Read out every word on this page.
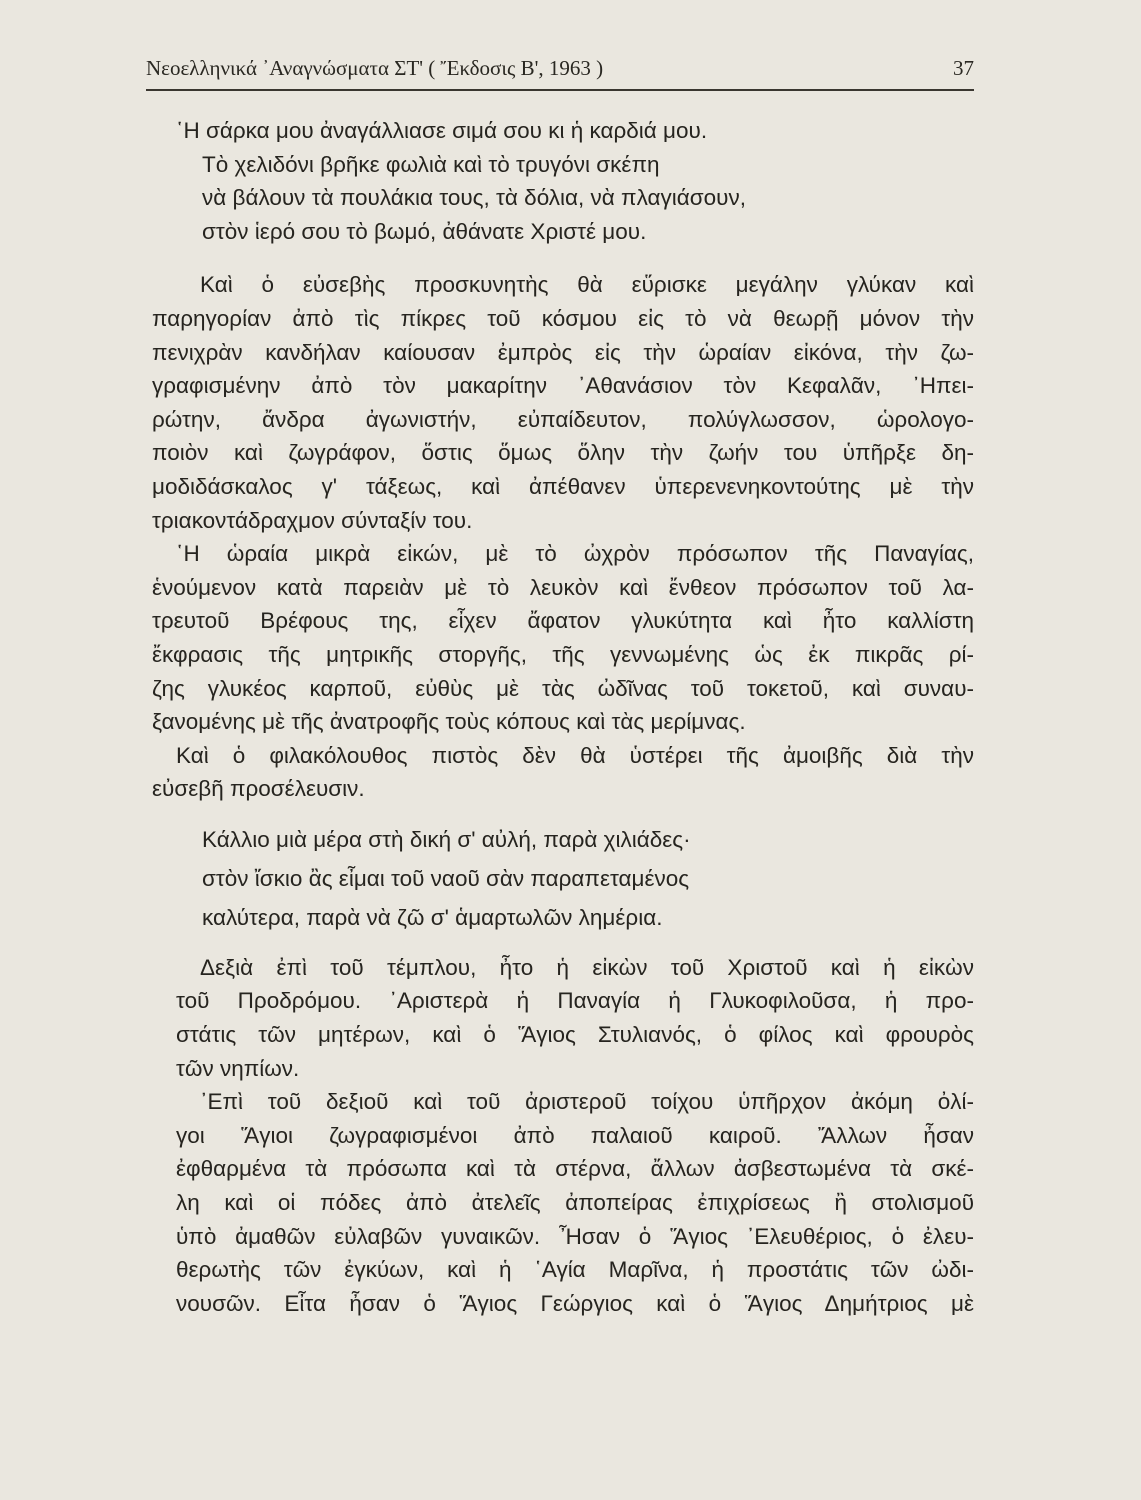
Νεοελληνικά ᾿Αναγνώσματα ΣΤ' ( Ἔκδοσις Β', 1963 )	37
῾Η σάρκα μου ἀναγάλλιασε σιμά σου κι ἡ καρδιά μου.
Τὸ χελιδόνι βρῆκε φωλιὰ καὶ τὸ τρυγόνι σκέπη
νὰ βάλουν τὰ πουλάκια τους, τὰ δόλια, νὰ πλαγιάσουν,
στὸν ἱερό σου τὸ βωμό, ἀθάνατε Χριστέ μου.
Καὶ ὁ εὐσεβὴς προσκυνητὴς θὰ εὕρισκε μεγάλην γλύκαν καὶ
παρηγορίαν ἀπὸ τὶς πίκρες τοῦ κόσμου εἰς τὸ νὰ θεωρῇ μόνον τὴν
πενιχρὰν κανδήλαν καίουσαν ἐμπρὸς εἰς τὴν ὡραίαν εἰκόνα, τὴν ζω-
γραφισμένην ἀπὸ τὸν μακαρίτην ᾿Αθανάσιον τὸν Κεφαλᾶν, ᾿Ηπει-
ρώτην, ἄνδρα ἀγωνιστήν, εὐπαίδευτον, πολύγλωσσον, ὡρολογο-
ποιὸν καὶ ζωγράφον, ὅστις ὅμως ὅλην τὴν ζωήν του ὑπῆρξε δη-
μοδιδάσκαλος γ' τάξεως, καὶ ἀπέθανεν ὑπερενενηκοντούτης μὲ τὴν
τριακοντάδραχμον σύνταξίν του.
῾Η ὡραία μικρὰ εἰκών, μὲ τὸ ὠχρὸν πρόσωπον τῆς Παναγίας,
ἑνούμενον κατὰ παρειὰν μὲ τὸ λευκὸν καὶ ἔνθεον πρόσωπον τοῦ λα-
τρευτοῦ Βρέφους της, εἶχεν ἄφατον γλυκύτητα καὶ ἦτο καλλίστη
ἔκφρασις τῆς μητρικῆς στοργῆς, τῆς γεννωμένης ὡς ἐκ πικρᾶς ρί-
ζης γλυκέος καρποῦ, εὐθὺς μὲ τὰς ὠδῖνας τοῦ τοκετοῦ, καὶ συναυ-
ξανομένης μὲ τῆς ἀνατροφῆς τοὺς κόπους καὶ τὰς μερίμνας.
Καὶ ὁ φιλακόλουθος πιστὸς δὲν θὰ ὑστέρει τῆς ἀμοιβῆς διὰ τὴν
εὐσεβῆ προσέλευσιν.
Κάλλιο μιὰ μέρα στὴ δική σ' αὐλή, παρὰ χιλιάδες·
στὸν ἴσκιο ἂς εἶμαι τοῦ ναοῦ σὰν παραπεταμένος
καλύτερα, παρὰ νὰ ζῶ σ' ἁμαρτωλῶν λημέρια.
Δεξιὰ ἐπὶ τοῦ τέμπλου, ἦτο ἡ εἰκὼν τοῦ Χριστοῦ καὶ ἡ εἰκὼν
τοῦ Προδρόμου. ᾿Αριστερὰ ἡ Παναγία ἡ Γλυκοφιλοῦσα, ἡ προ-
στάτις τῶν μητέρων, καὶ ὁ Ἅγιος Στυλιανός, ὁ φίλος καὶ φρουρὸς
τῶν νηπίων.
᾿Επὶ τοῦ δεξιοῦ καὶ τοῦ ἀριστεροῦ τοίχου ὑπῆρχον ἀκόμη ὀλί-
γοι Ἅγιοι ζωγραφισμένοι ἀπὸ παλαιοῦ καιροῦ. Ἄλλων ἦσαν
ἐφθαρμένα τὰ πρόσωπα καὶ τὰ στέρνα, ἄλλων ἀσβεστωμένα τὰ σκέ-
λη καὶ οἱ πόδες ἀπὸ ἀτελεῖς ἀποπείρας ἐπιχρίσεως ἢ στολισμοῦ
ὑπὸ ἀμαθῶν εὐλαβῶν γυναικῶν. Ἦσαν ὁ Ἅγιος ᾿Ελευθέριος, ὁ ἐλευ-
θερωτὴς τῶν ἐγκύων, καὶ ἡ ῾Αγία Μαρῖνα, ἡ προστάτις τῶν ὠδι-
νουσῶν. Εἶτα ἦσαν ὁ Ἅγιος Γεώργιος καὶ ὁ Ἅγιος Δημήτριος μὲ
